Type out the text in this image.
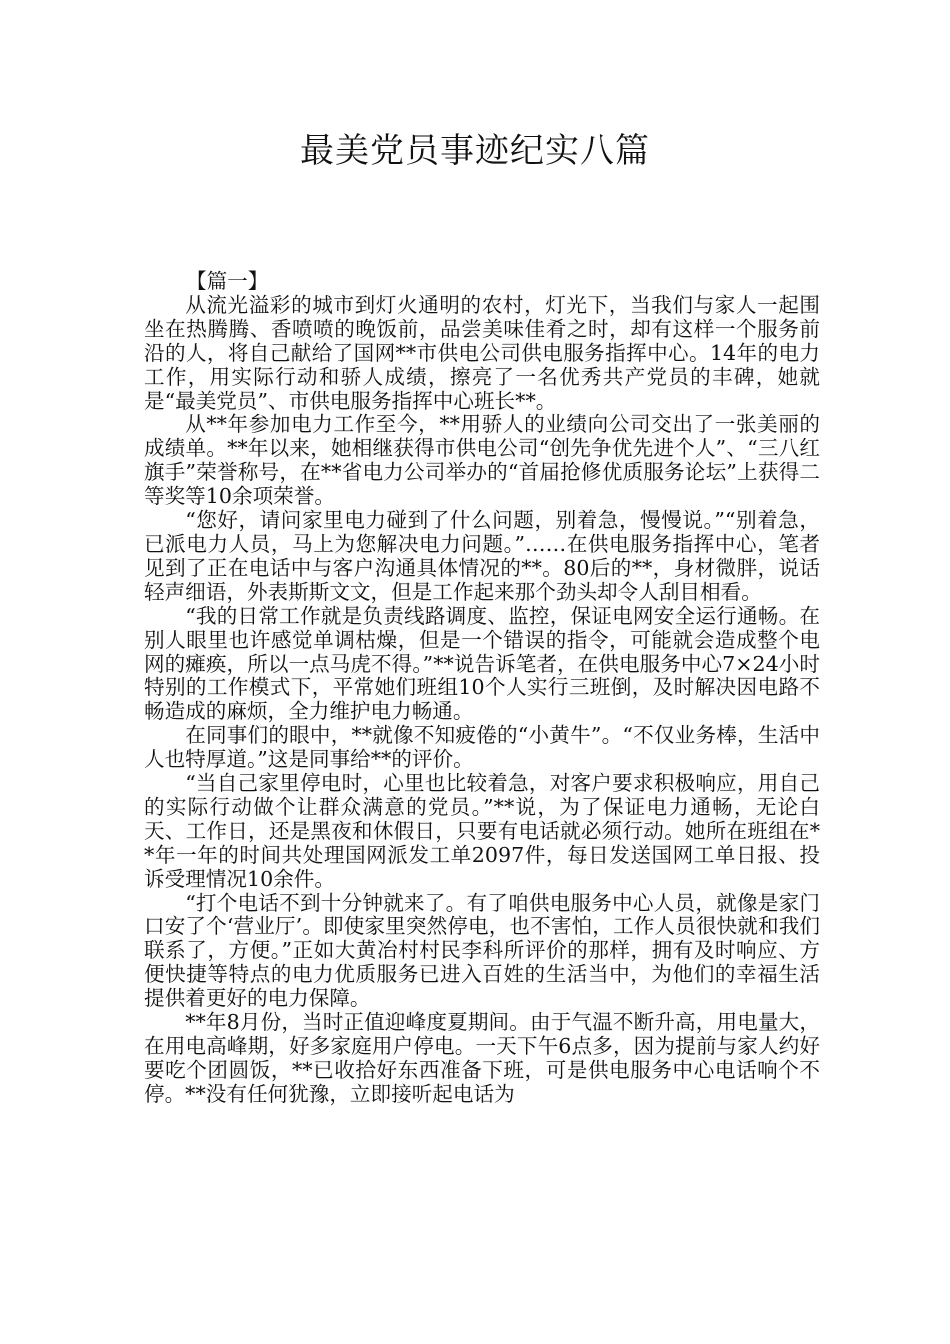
最美党员事迹纪实八篇

【篇一】

从流光溢彩的城市到灯火通明的农村，灯光下，当我们与家人一起围坐在热腾腾、香喷喷的晚饭前，品尝美味佳肴之时，却有这样一个服务前沿的人，将自己献给了国网**市供电公司供电服务指挥中心。14年的电力工作，用实际行动和骄人成绩，擦亮了一名优秀共产党员的丰碑，她就是“最美党员”、市供电服务指挥中心班长**。

从**年参加电力工作至今，**用骄人的业绩向公司交出了一张美丽的成绩单。**年以来，她相继获得市供电公司“创先争优先进个人”、“三八红旗手”荣誉称号，在**省电力公司举办的“首届抢修优质服务论坛”上获得二等奖等10余项荣誉。

“您好，请问家里电力碰到了什么问题，别着急，慢慢说。”“别着急，已派电力人员，马上为您解决电力问题。”……在供电服务指挥中心，笔者见到了正在电话中与客户沟通具体情况的**。80后的**，身材微胖，说话轻声细语，外表斯斯文文，但是工作起来那个劲头却令人刮目相看。

“我的日常工作就是负责线路调度、监控，保证电网安全运行通畅。在别人眼里也许感觉单调枯燥，但是一个错误的指令，可能就会造成整个电网的瘫痪，所以一点马虎不得。”**说告诉笔者，在供电服务中心7×24小时特别的工作模式下，平常她们班组10个人实行三班倒，及时解决因电路不畅造成的麻烦，全力维护电力畅通。

在同事们的眼中，**就像不知疲倦的“小黄牛”。“不仅业务棒，生活中人也特厚道。”这是同事给**的评价。

“当自己家里停电时，心里也比较着急，对客户要求积极响应，用自己的实际行动做个让群众满意的党员。”**说，为了保证电力通畅，无论白天、工作日，还是黑夜和休假日，只要有电话就必须行动。她所在班组在**年一年的时间共处理国网派发工单2097件，每日发送国网工单日报、投诉受理情况10余件。

“打个电话不到十分钟就来了。有了咱供电服务中心人员，就像是家门口安了个‘营业厅’。即使家里突然停电，也不害怕，工作人员很快就和我们联系了，方便。”正如大黄冶村村民李科所评价的那样，拥有及时响应、方便快捷等特点的电力优质服务已进入百姓的生活当中，为他们的幸福生活提供着更好的电力保障。

**年8月份，当时正值迎峰度夏期间。由于气温不断升高，用电量大，在用电高峰期，好多家庭用户停电。一天下午6点多，因为提前与家人约好要吃个团圆饭，**已收拾好东西准备下班，可是供电服务中心电话响个不停。**没有任何犹豫，立即接听起电话为
